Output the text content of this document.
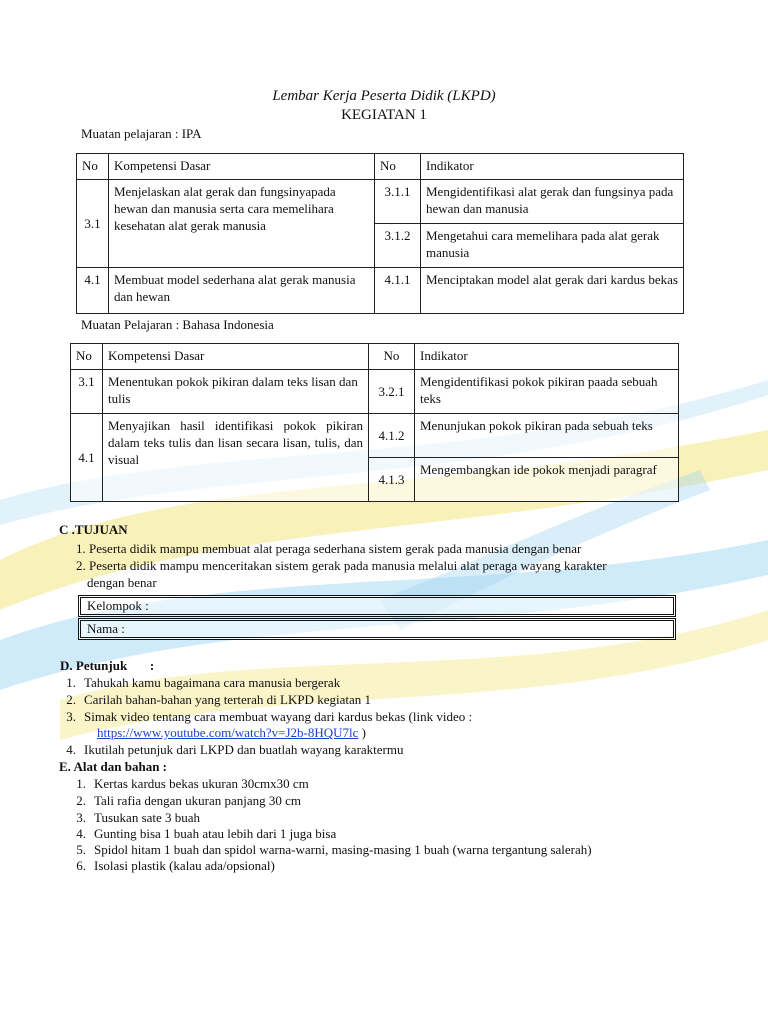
Lembar Kerja Peserta Didik (LKPD)
KEGIATAN 1
Muatan pelajaran : IPA
No	Kompetensi Dasar	No	Indikator
3.1	Menjelaskan alat gerak dan fungsinyapada hewan dan manusia serta cara memelihara kesehatan alat gerak manusia	3.1.1	Mengidentifikasi alat gerak dan fungsinya pada hewan dan manusia
		3.1.2	Mengetahui cara memelihara pada alat gerak manusia
4.1	Membuat model sederhana alat gerak manusia dan hewan	4.1.1	Menciptakan model alat gerak dari kardus bekas
Muatan Pelajaran : Bahasa Indonesia
No	Kompetensi Dasar	No	Indikator
3.1	Menentukan pokok pikiran dalam teks lisan dan tulis	3.2.1	Mengidentifikasi pokok pikiran paada sebuah teks
4.1	Menyajikan hasil identifikasi pokok pikiran dalam teks tulis dan lisan secara lisan, tulis, dan visual	4.1.2	Menunjukan pokok pikiran pada sebuah teks
		4.1.3	Mengembangkan ide pokok menjadi paragraf
C .TUJUAN
1. Peserta didik mampu membuat alat peraga sederhana sistem gerak pada manusia dengan benar
2. Peserta didik mampu menceritakan sistem gerak pada manusia melalui alat peraga wayang karakter
dengan benar
Kelompok :
Nama :
D. Petunjuk       :
1. Tahukah kamu bagaimana cara manusia bergerak
2. Carilah bahan-bahan yang terterah di LKPD kegiatan 1
3. Simak video tentang cara membuat wayang dari kardus bekas (link video :
https://www.youtube.com/watch?v=J2b-8HQU7lc )
4. Ikutilah petunjuk dari LKPD dan buatlah wayang karaktermu
E. Alat dan bahan :
1. Kertas kardus bekas ukuran 30cmx30 cm
2. Tali rafia dengan ukuran panjang 30 cm
3. Tusukan sate 3 buah
4. Gunting bisa 1 buah atau lebih dari 1 juga bisa
5. Spidol hitam 1 buah dan spidol warna-warni, masing-masing 1 buah (warna tergantung salerah)
6. Isolasi plastik (kalau ada/opsional)
